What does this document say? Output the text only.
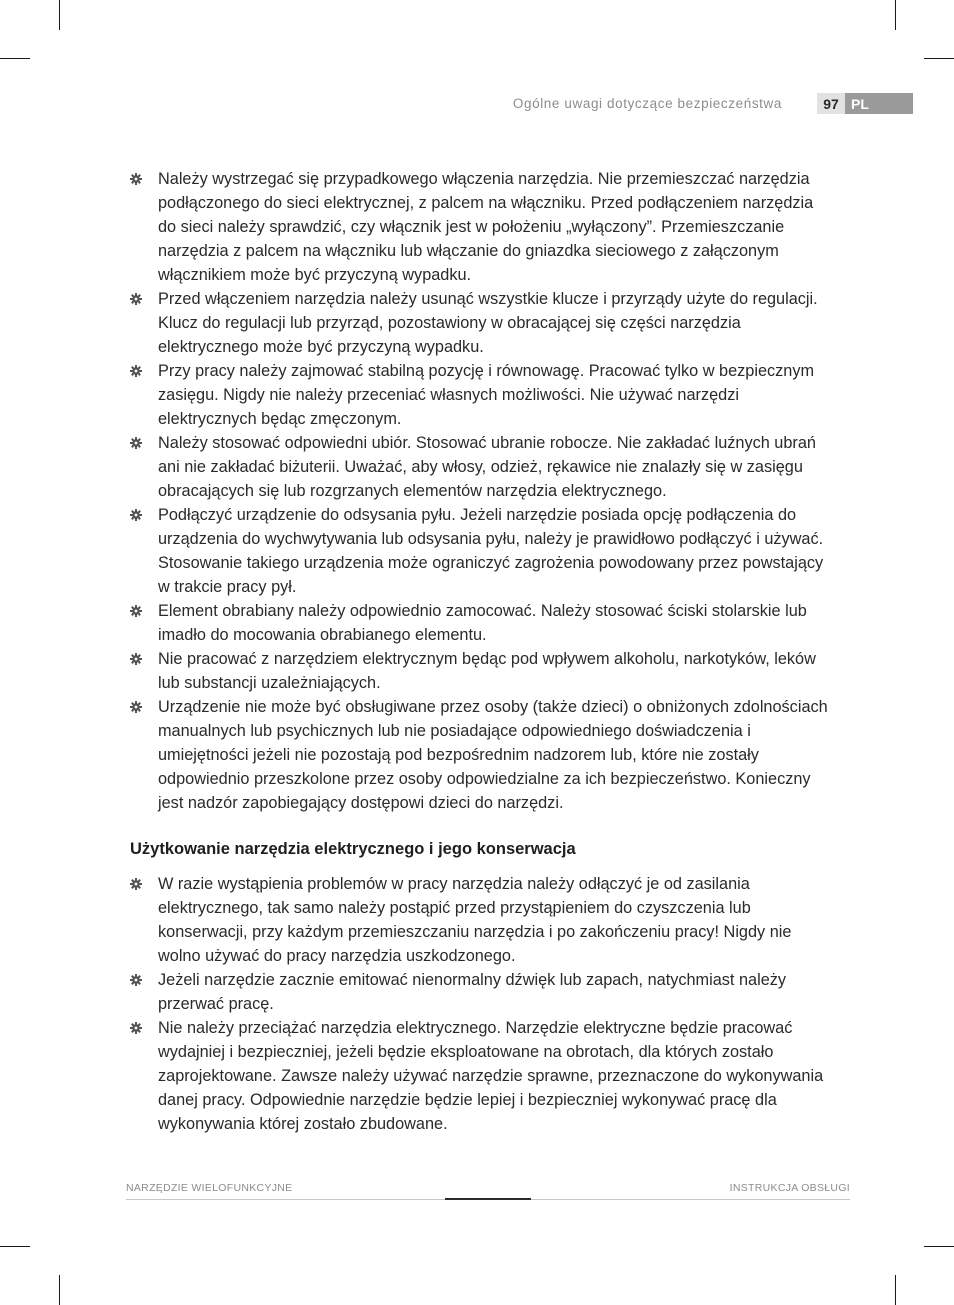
Ogólne uwagi dotyczące bezpieczeństwa	97 PL
Należy wystrzegać się przypadkowego włączenia narzędzia. Nie przemieszczać narzędzia podłączonego do sieci elektrycznej, z palcem na włączniku. Przed podłączeniem narzędzia do sieci należy sprawdzić, czy włącznik jest w położeniu „wyłączony”. Przemieszczanie narzędzia z palcem na włączniku lub włączanie do gniazdka sieciowego z załączonym włącznikiem może być przyczyną wypadku.
Przed włączeniem narzędzia należy usunąć wszystkie klucze i przyrządy użyte do regulacji. Klucz do regulacji lub przyrząd, pozostawiony w obracającej się części narzędzia elektrycznego może być przyczyną wypadku.
Przy pracy należy zajmować stabilną pozycję i równowagę. Pracować tylko w bezpiecznym zasięgu. Nigdy nie należy przeceniać własnych możliwości. Nie używać narzędzi elektrycznych będąc zmęczonym.
Należy stosować odpowiedni ubiór. Stosować ubranie robocze. Nie zakładać luźnych ubrań ani nie zakładać biżuterii. Uważać, aby włosy, odzież, rękawice nie znalazły się w zasięgu obracających się lub rozgrzanych elementów narzędzia elektrycznego.
Podłączyć urządzenie do odsysania pyłu. Jeżeli narzędzie posiada opcję podłączenia do urządzenia do wychwytywania lub odsysania pyłu, należy je prawidłowo podłączyć i używać. Stosowanie takiego urządzenia może ograniczyć zagrożenia powodowany przez powstający w trakcie pracy pył.
Element obrabiany należy odpowiednio zamocować. Należy stosować ściski stolarskie lub imadło do mocowania obrabianego elementu.
Nie pracować z narzędziem elektrycznym będąc pod wpływem alkoholu, narkotyków, leków lub substancji uzależniających.
Urządzenie nie może być obsługiwane przez osoby (także dzieci) o obniżonych zdolnościach manualnych lub psychicznych lub nie posiadające odpowiedniego doświadczenia i umiejętności jeżeli nie pozostają pod bezpośrednim nadzorem lub, które nie zostały odpowiednio przeszkolone przez osoby odpowiedzialne za ich bezpieczeństwo. Konieczny jest nadzór zapobiegający dostępowi dzieci do narzędzi.
Użytkowanie narzędzia elektrycznego i jego konserwacja
W razie wystąpienia problemów w pracy narzędzia należy odłączyć je od zasilania elektrycznego, tak samo należy postąpić przed przystąpieniem do czyszczenia lub konserwacji, przy każdym przemieszczaniu narzędzia i po zakończeniu pracy! Nigdy nie wolno używać do pracy narzędzia uszkodzonego.
Jeżeli narzędzie zacznie emitować nienormalny dźwięk lub zapach, natychmiast należy przerwać pracę.
Nie należy przeciążać narzędzia elektrycznego. Narzędzie elektryczne będzie pracować wydajniej i bezpieczniej, jeżeli będzie eksploatowane na obrotach, dla których zostało zaprojektowane. Zawsze należy używać narzędzie sprawne, przeznaczone do wykonywania danej pracy. Odpowiednie narzędzie będzie lepiej i bezpieczniej wykonywać pracę dla wykonywania której zostało zbudowane.
NARZĘDZIE WIELOFUNKCYJNE	INSTRUKCJA OBSŁUGI
